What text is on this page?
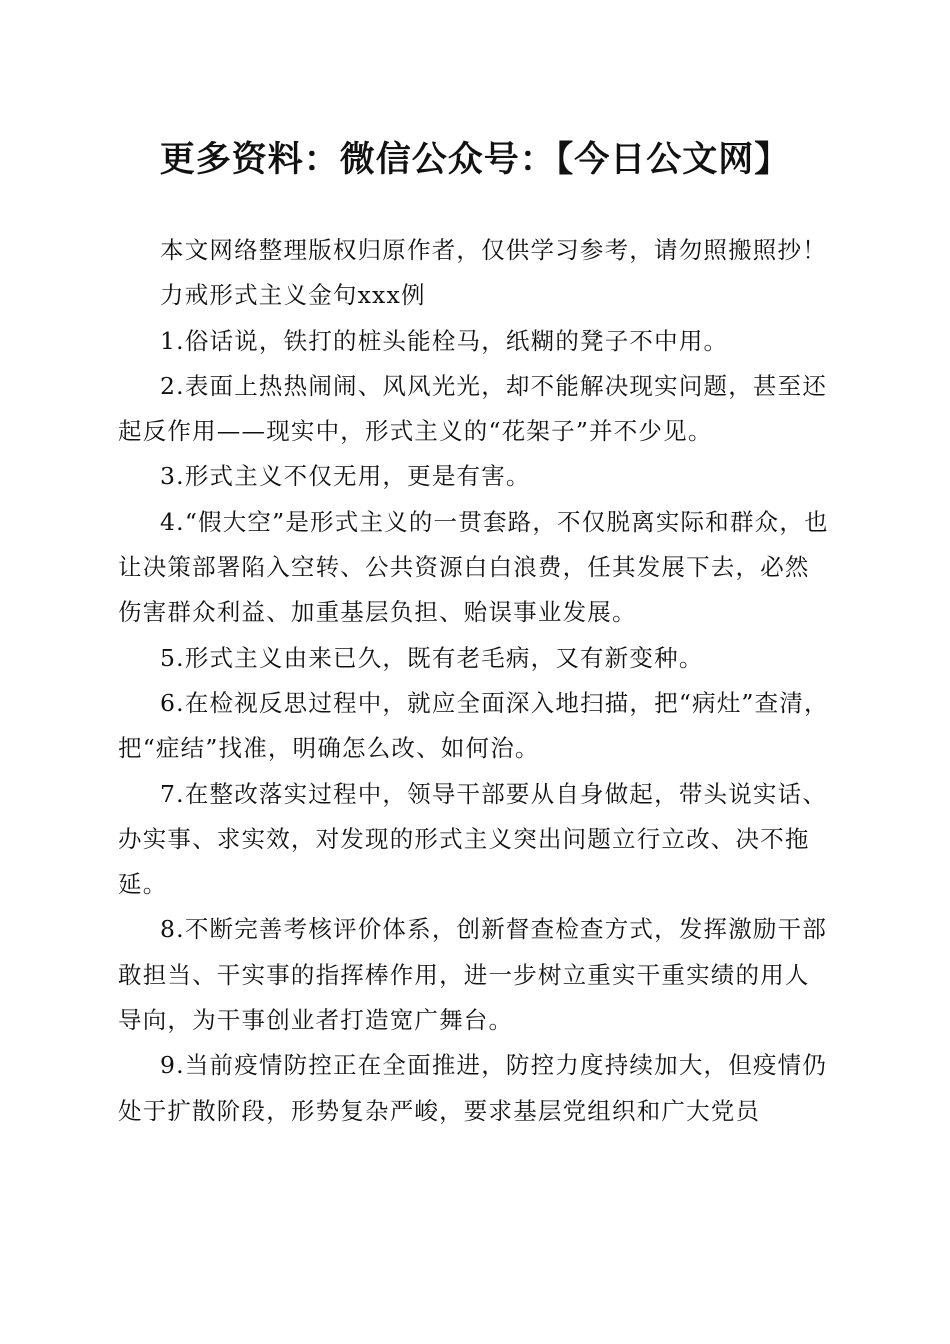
更多资料：微信公众号：【今日公文网】

本文网络整理版权归原作者，仅供学习参考，请勿照搬照抄！

力戒形式主义金句xxx例

1.俗话说，铁打的桩头能栓马，纸糊的凳子不中用。

2.表面上热热闹闹、风风光光，却不能解决现实问题，甚至还起反作用——现实中，形式主义的“花架子”并不少见。

3.形式主义不仅无用，更是有害。

4.“假大空”是形式主义的一贯套路，不仅脱离实际和群众，也让决策部署陷入空转、公共资源白白浪费，任其发展下去，必然伤害群众利益、加重基层负担、贻误事业发展。

5.形式主义由来已久，既有老毛病，又有新变种。

6.在检视反思过程中，就应全面深入地扫描，把“病灶”查清，把“症结”找准，明确怎么改、如何治。

7.在整改落实过程中，领导干部要从自身做起，带头说实话、办实事、求实效，对发现的形式主义突出问题立行立改、决不拖延。

8.不断完善考核评价体系，创新督查检查方式，发挥激励干部敢担当、干实事的指挥棒作用，进一步树立重实干重实绩的用人导向，为干事创业者打造宽广舞台。

9.当前疫情防控正在全面推进，防控力度持续加大，但疫情仍处于扩散阶段，形势复杂严峻，要求基层党组织和广大党员
